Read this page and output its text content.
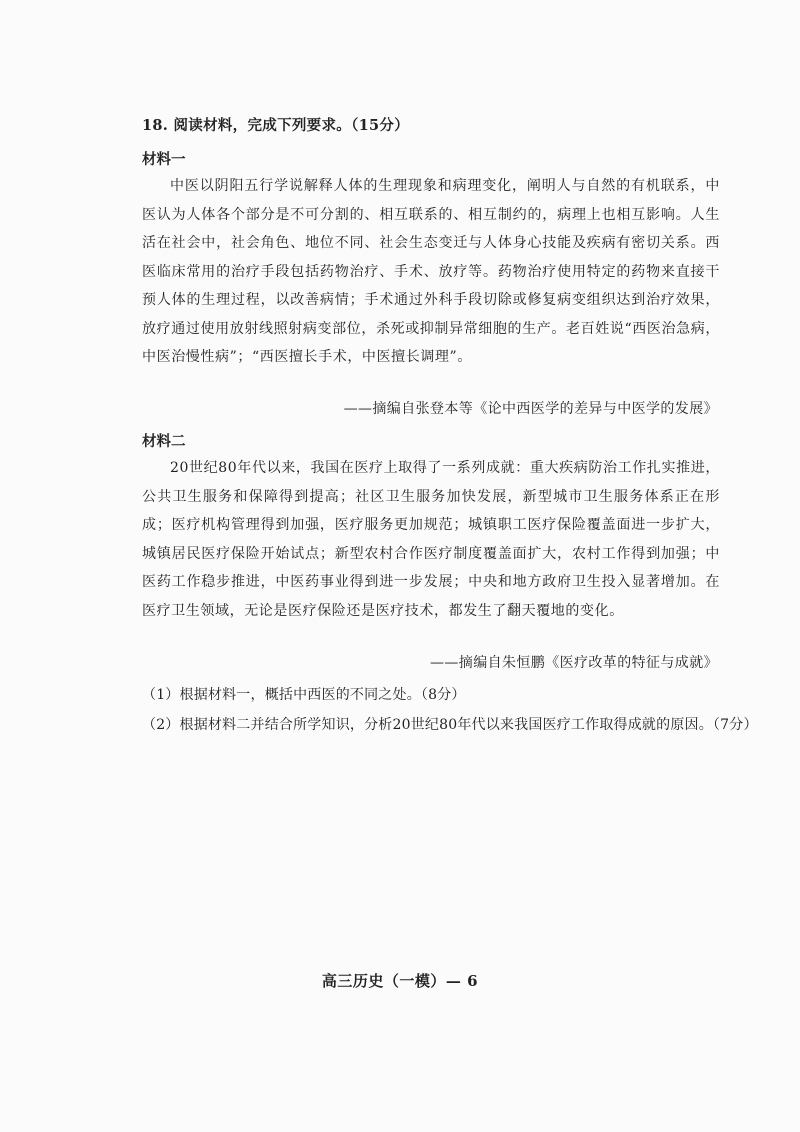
18. 阅读材料，完成下列要求。（15分）
材料一
中医以阴阳五行学说解释人体的生理现象和病理变化，阐明人与自然的有机联系，中医认为人体各个部分是不可分割的、相互联系的、相互制约的，病理上也相互影响。人生活在社会中，社会角色、地位不同、社会生态变迁与人体身心技能及疾病有密切关系。西医临床常用的治疗手段包括药物治疗、手术、放疗等。药物治疗使用特定的药物来直接干预人体的生理过程，以改善病情；手术通过外科手段切除或修复病变组织达到治疗效果，放疗通过使用放射线照射病变部位，杀死或抑制异常细胞的生产。老百姓说“西医治急病，中医治慢性病”；“西医擅长手术，中医擅长调理”。
——摘编自张登本等《论中西医学的差异与中医学的发展》
材料二
20世纪80年代以来，我国在医疗上取得了一系列成就：重大疾病防治工作扎实推进，公共卫生服务和保障得到提高；社区卫生服务加快发展，新型城市卫生服务体系正在形成；医疗机构管理得到加强，医疗服务更加规范；城镇职工医疗保险覆盖面进一步扩大，城镇居民医疗保险开始试点；新型农村合作医疗制度覆盖面扩大，农村工作得到加强；中医药工作稳步推进，中医药事业得到进一步发展；中央和地方政府卫生投入显著增加。在医疗卫生领域，无论是医疗保险还是医疗技术，都发生了翻天覆地的变化。
——摘编自朱恒鹏《医疗改革的特征与成就》
（1）根据材料一，概括中西医的不同之处。（8分）
（2）根据材料二并结合所学知识，分析20世纪80年代以来我国医疗工作取得成就的原因。（7分）
高三历史（一模）— 6
